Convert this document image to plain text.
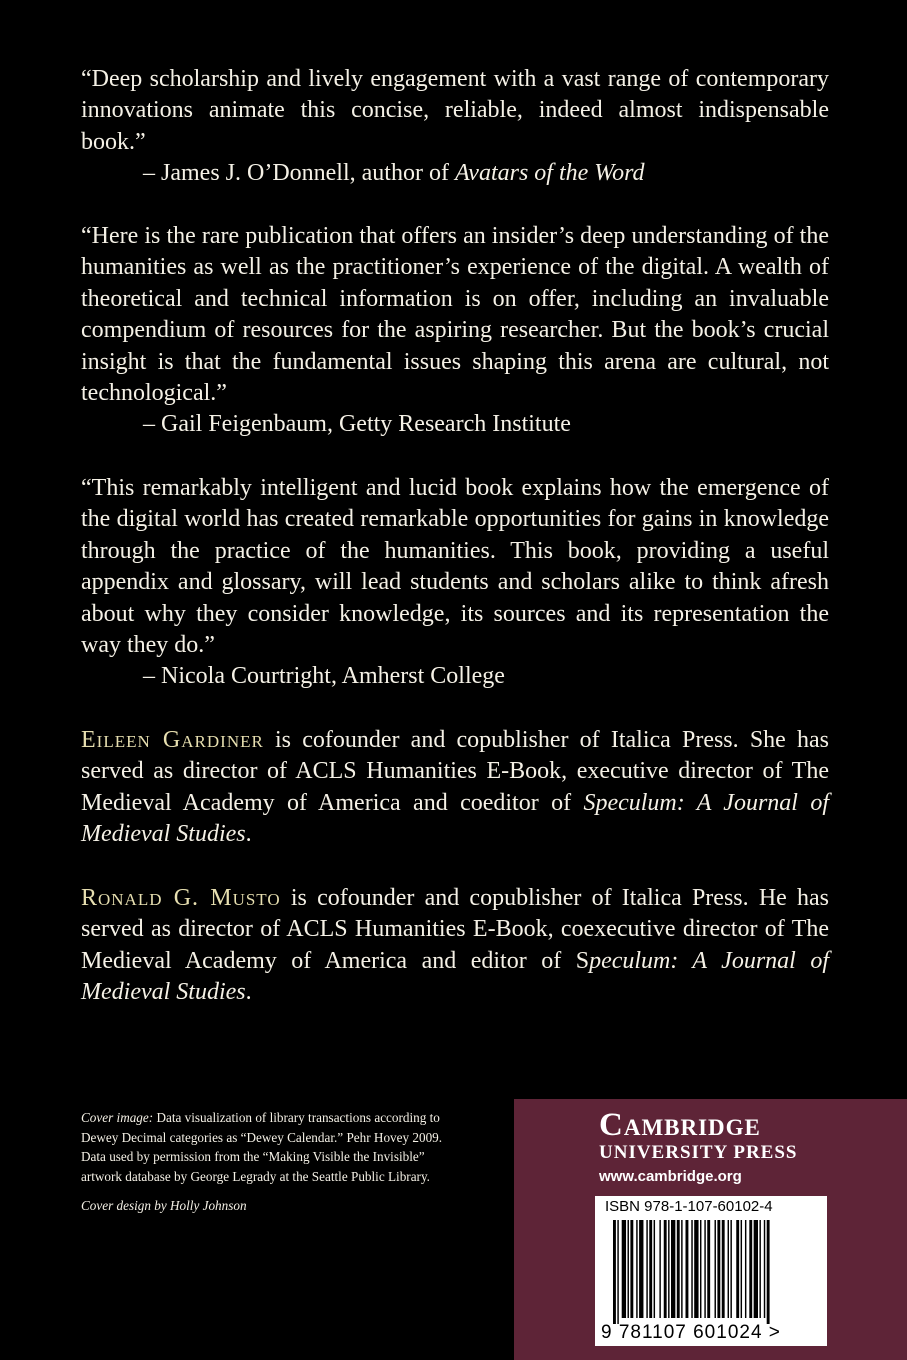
“Deep scholarship and lively engagement with a vast range of contemporary innovations animate this concise, reliable, indeed almost indispensable book.”
– James J. O’Donnell, author of Avatars of the Word
“Here is the rare publication that offers an insider’s deep understanding of the humanities as well as the practitioner’s experience of the digital. A wealth of theoretical and technical information is on offer, including an invaluable compendium of resources for the aspiring researcher. But the book’s crucial insight is that the fundamental issues shaping this arena are cultural, not technological.”
– Gail Feigenbaum, Getty Research Institute
“This remarkably intelligent and lucid book explains how the emergence of the digital world has created remarkable opportunities for gains in knowledge through the practice of the humanities. This book, providing a useful appendix and glossary, will lead students and scholars alike to think afresh about why they consider knowledge, its sources and its representation the way they do.”
– Nicola Courtright, Amherst College
Eileen Gardiner is cofounder and copublisher of Italica Press. She has served as director of ACLS Humanities E-Book, executive director of The Medieval Academy of America and coeditor of Speculum: A Journal of Medieval Studies.
Ronald G. Musto is cofounder and copublisher of Italica Press. He has served as director of ACLS Humanities E-Book, coexecutive director of The Medieval Academy of America and editor of Speculum: A Journal of Medieval Studies.

Cover image: Data visualization of library transactions according to Dewey Decimal categories as “Dewey Calendar.” Pehr Hovey 2009. Data used by permission from the “Making Visible the Invisible” artwork database by George Legrady at the Seattle Public Library.

Cover design by Holly Johnson

Cambridge
UNIVERSITY PRESS
www.cambridge.org
ISBN 978-1-107-60102-4
9 781107 601024 >
